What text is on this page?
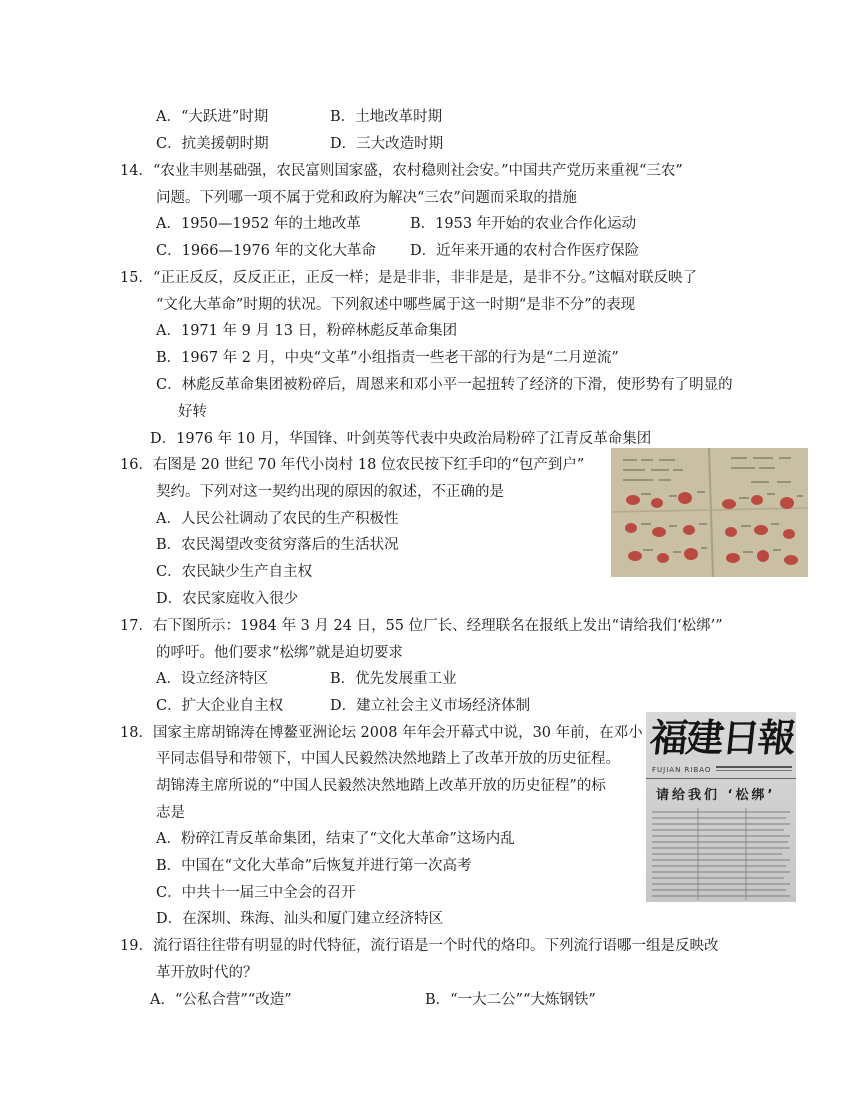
A．“大跃进”时期	B．土地改革时期
C．抗美援朝时期	D．三大改造时期
14．“农业丰则基础强，农民富则国家盛，农村稳则社会安。”中国共产党历来重视“三农”
问题。下列哪一项不属于党和政府为解决“三农”问题而采取的措施
A．1950—1952 年的土地改革	B．1953 年开始的农业合作化运动
C．1966—1976 年的文化大革命 D．近年来开通的农村合作医疗保险
15．“正正反反，反反正正，正反一样；是是非非，非非是是，是非不分。”这幅对联反映了
“文化大革命”时期的状况。下列叙述中哪些属于这一时期“是非不分”的表现
A．1971 年 9 月 13 日，粉碎林彪反革命集团
B．1967 年 2 月，中央“文革”小组指责一些老干部的行为是“二月逆流”
C．林彪反革命集团被粉碎后，周恩来和邓小平一起扭转了经济的下滑，使形势有了明显的
好转
D．1976 年 10 月，华国锋、叶剑英等代表中央政治局粉碎了江青反革命集团
16．右图是 20 世纪 70 年代小岗村 18 位农民按下红手印的“包产到户”
契约。下列对这一契约出现的原因的叙述，不正确的是
A．人民公社调动了农民的生产积极性
B．农民渴望改变贫穷落后的生活状况
C．农民缺少生产自主权
D．农民家庭收入很少
17．右下图所示：1984 年 3 月 24 日，55 位厂长、经理联名在报纸上发出“请给我们‘松绑’”
的呼吁。他们要求“松绑”就是迫切要求
A．设立经济特区	B．优先发展重工业
C．扩大企业自主权	D．建立社会主义市场经济体制
18．国家主席胡锦涛在博鳌亚洲论坛 2008 年年会开幕式中说，30 年前，在邓小
平同志倡导和带领下，中国人民毅然决然地踏上了改革开放的历史征程。
胡锦涛主席所说的“中国人民毅然决然地踏上改革开放的历史征程”的标
志是
A．粉碎江青反革命集团，结束了“文化大革命”这场内乱
B．中国在“文化大革命”后恢复并进行第一次高考
C．中共十一届三中全会的召开
D．在深圳、珠海、汕头和厦门建立经济特区
福建日報
FUJIAN RIBAO
请给我们 ‘松绑’
19．流行语往往带有明显的时代特征，流行语是一个时代的烙印。下列流行语哪一组是反映改
革开放时代的？
A．“公私合营”“改造”	B．“一大二公”“大炼钢铁”
